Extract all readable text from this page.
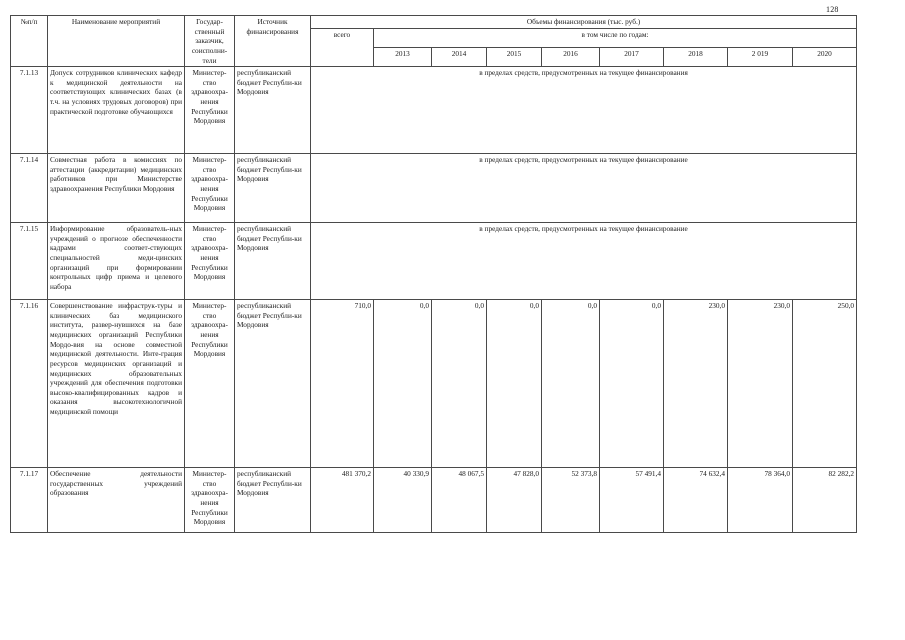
128
№п/п	Наименование мероприятий	Государ-ственный заказчик, соисполни-тели	Источник финансирования	Объемы финансирования (тыс. руб.)								
				всего	в том числе по годам:							
					2013	2014	2015	2016	2017	2018	2 019	2020
7.1.13	Допуск сотрудников клинических кафедр к медицинской деятельности на соответствующих клинических базах (в т.ч. на условиях трудовых договоров) при практической подготовке обучающихся	Министер-ство здравоохра-нения Республики Мордовия	республиканский бюджет Республи-ки Мордовия	в пределах средств, предусмотренных на текущее финансирования								
7.1.14	Совместная работа в комиссиях по аттестации (аккредитации) медицинских работников при Министерстве здравоохранения Республики Мордовия	Министер-ство здравоохра-нения Республики Мордовия	республиканский бюджет Республи-ки Мордовия	в пределах средств, предусмотренных на текущее финансирование								
7.1.15	Информирование образователь-ных учреждений о прогнозе обеспеченности кадрами соответ-ствующих специальностей меди-цинских организаций при формировании контрольных цифр приема и целевого набора	Министер-ство здравоохра-нения Республики Мордовия	республиканский бюджет Республи-ки Мордовия	в пределах средств, предусмотренных на текущее финансирование								
7.1.16	Совершенствование инфраструк-туры и клинических баз медицинского института, развер-нувшихся на базе медицинских организаций Республики Мордо-вия на основе совместной медицинской деятельности. Инте-грация ресурсов медицинских организаций и медицинских образовательных учреждений для обеспечения подготовки высоко-квалифицированных кадров и оказания высокотехнологичной медицинской помощи	Министер-ство здравоохра-нения Республики Мордовия	республиканский бюджет Республи-ки Мордовия	710,0	0,0	0,0	0,0	0,0	0,0	230,0	230,0	250,0
7.1.17	Обеспечение деятельности государственных учреждений образования	Министер-ство здравоохра-нения Республики Мордовия	республиканский бюджет Республи-ки Мордовия	481 370,2	40 330,9	48 067,5	47 828,0	52 373,8	57 491,4	74 632,4	78 364,0	82 282,2
